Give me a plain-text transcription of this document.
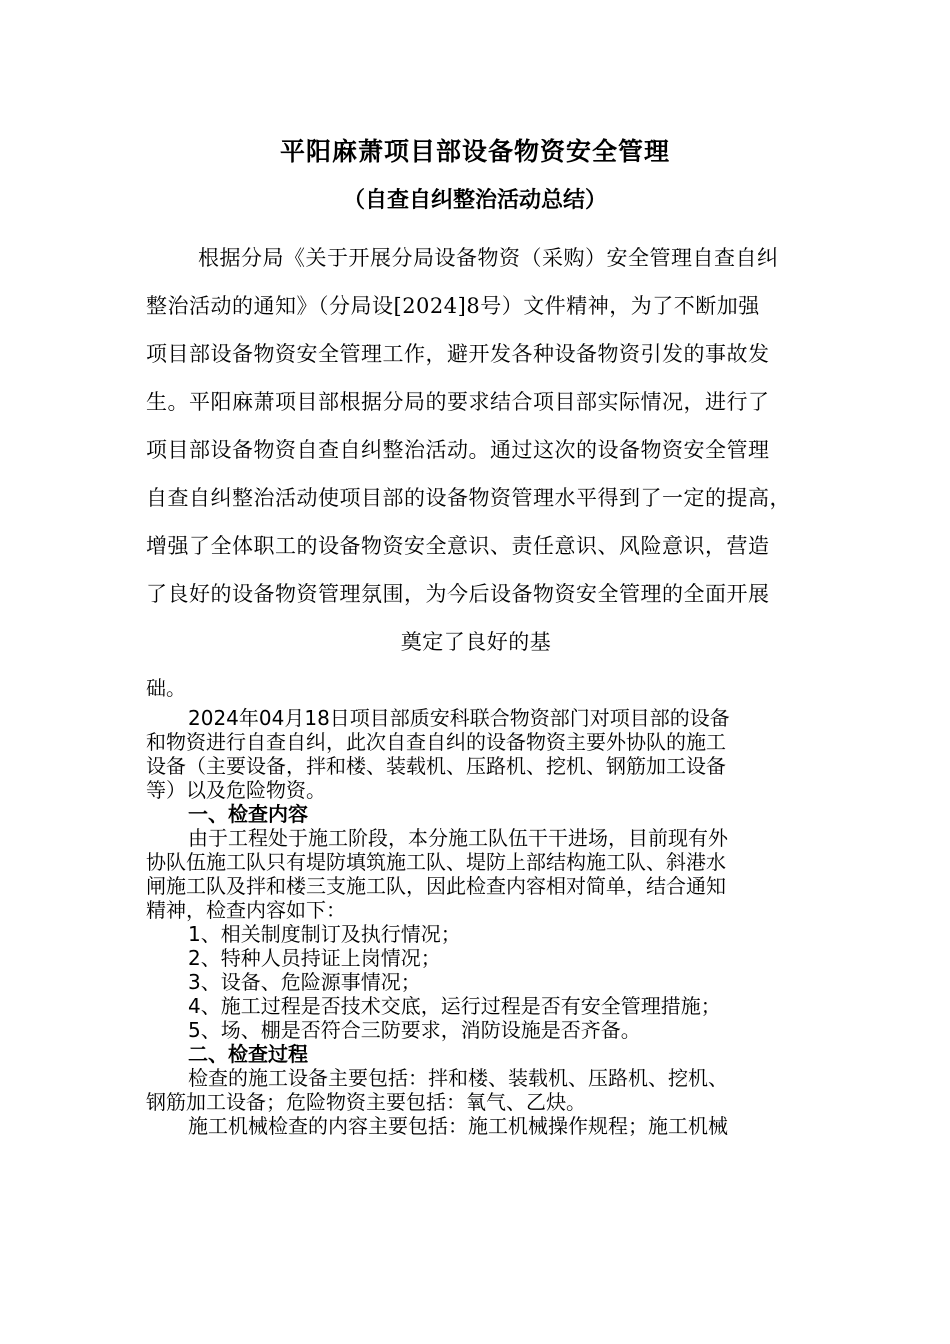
平阳麻萧项目部设备物资安全管理
（自查自纠整治活动总结）
根据分局《关于开展分局设备物资（采购）安全管理自查自纠
整治活动的通知》（分局设[2024]8号）文件精神，为了不断加强
项目部设备物资安全管理工作，避开发各种设备物资引发的事故发
生。平阳麻萧项目部根据分局的要求结合项目部实际情况，进行了
项目部设备物资自查自纠整治活动。通过这次的设备物资安全管理
自查自纠整治活动使项目部的设备物资管理水平得到了一定的提高，
增强了全体职工的设备物资安全意识、责任意识、风险意识，营造
了良好的设备物资管理氛围，为今后设备物资安全管理的全面开展
奠定了良好的基
础。
2024年04月18日项目部质安科联合物资部门对项目部的设备
和物资进行自查自纠，此次自查自纠的设备物资主要外协队的施工
设备（主要设备，拌和楼、装载机、压路机、挖机、钢筋加工设备
等）以及危险物资。
一、检查内容
由于工程处于施工阶段，本分施工队伍干干进场，目前现有外
协队伍施工队只有堤防填筑施工队、堤防上部结构施工队、斜港水
闸施工队及拌和楼三支施工队，因此检查内容相对简单，结合通知
精神，检查内容如下：
1、相关制度制订及执行情况；
2、特种人员持证上岗情况；
3、设备、危险源事情况；
4、施工过程是否技术交底，运行过程是否有安全管理措施；
5、场、棚是否符合三防要求，消防设施是否齐备。
二、检查过程
检查的施工设备主要包括：拌和楼、装载机、压路机、挖机、
钢筋加工设备；危险物资主要包括：氧气、乙炔。
施工机械检查的内容主要包括：施工机械操作规程；施工机械
